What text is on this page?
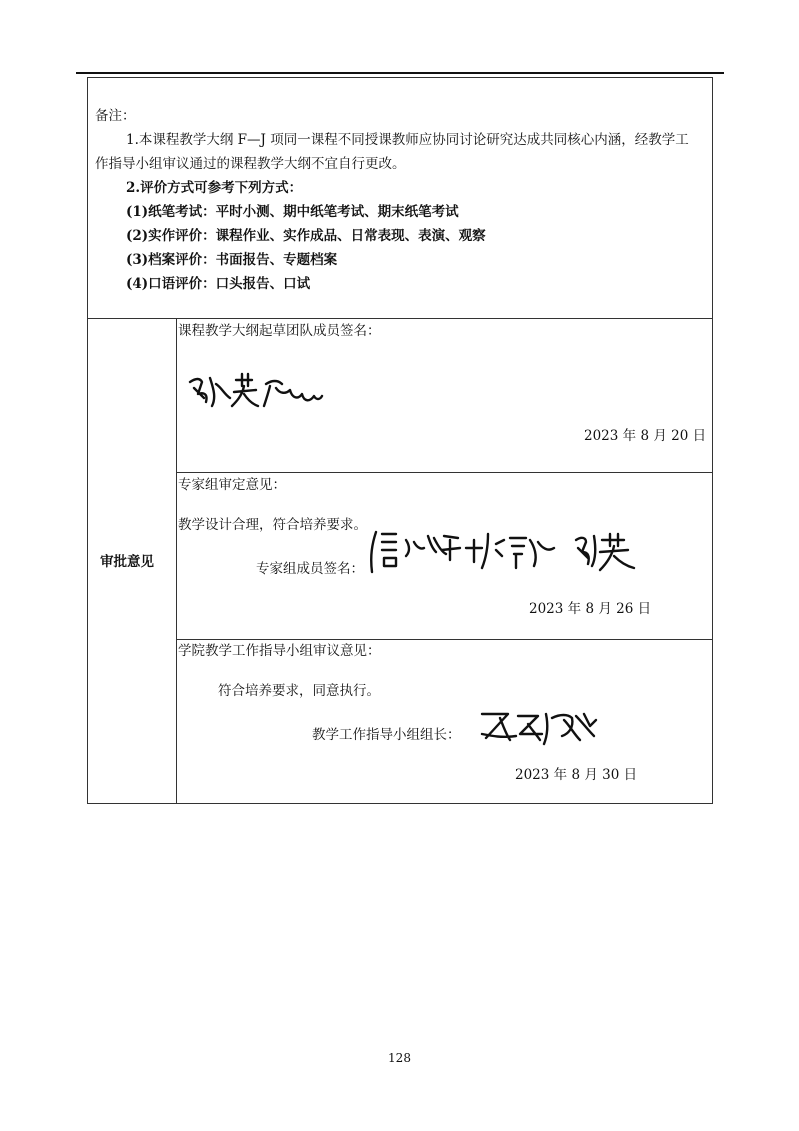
备注：
1.本课程教学大纲 F—J 项同一课程不同授课教师应协同讨论研究达成共同核心内涵，经教学工
作指导小组审议通过的课程教学大纲不宜自行更改。
2.评价方式可参考下列方式：
(1)纸笔考试：平时小测、期中纸笔考试、期末纸笔考试
(2)实作评价：课程作业、实作成品、日常表现、表演、观察
(3)档案评价：书面报告、专题档案
(4)口语评价：口头报告、口试
审批意见
课程教学大纲起草团队成员签名：
2023 年 8 月 20 日
专家组审定意见：
教学设计合理，符合培养要求。
专家组成员签名：
2023 年 8 月 26 日
学院教学工作指导小组审议意见：
符合培养要求，同意执行。
教学工作指导小组组长：
2023 年 8 月 30 日
128
